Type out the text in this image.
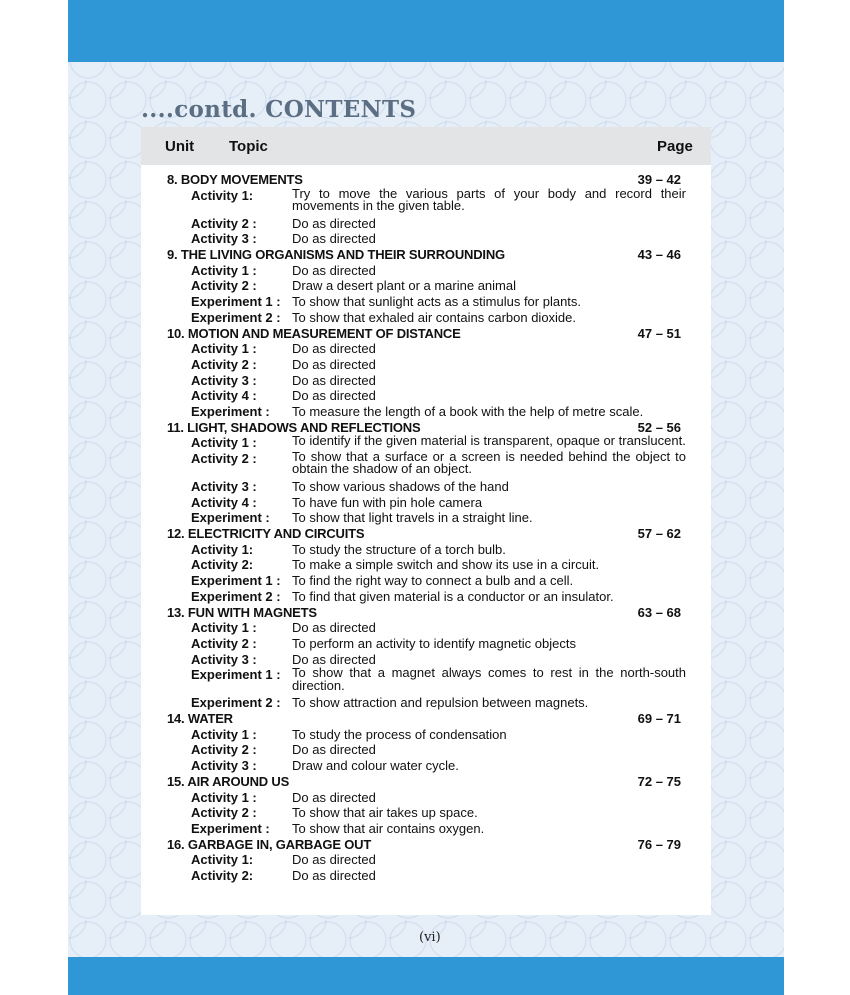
....contd. CONTENTS
Unit Topic	Page
8. BODY MOVEMENTS	39 – 42
Activity 1:	Try to move the various parts of your body and record their movements in the given table.
Activity 2 :	Do as directed
Activity 3 :	Do as directed
9. THE LIVING ORGANISMS AND THEIR SURROUNDING	43 – 46
Activity 1 :	Do as directed
Activity 2 :	Draw a desert plant or a marine animal
Experiment 1 : To show that sunlight acts as a stimulus for plants.
Experiment 2 : To show that exhaled air contains carbon dioxide.
10. MOTION AND MEASUREMENT OF DISTANCE	47 – 51
Activity 1 :	Do as directed
Activity 2 :	Do as directed
Activity 3 :	Do as directed
Activity 4 :	Do as directed
Experiment : To measure the length of a book with the help of metre scale.
11. LIGHT, SHADOWS AND REFLECTIONS	52 – 56
Activity 1 :	To identify if the given material is transparent, opaque or translucent.
Activity 2 :	To show that a surface or a screen is needed behind the object to obtain the shadow of an object.
Activity 3 :	To show various shadows of the hand
Activity 4 :	To have fun with pin hole camera
Experiment : To show that light travels in a straight line.
12. ELECTRICITY AND CIRCUITS	57 – 62
Activity 1:	To study the structure of a torch bulb.
Activity 2:	To make a simple switch and show its use in a circuit.
Experiment 1 : To find the right way to connect a bulb and a cell.
Experiment 2 : To find that given material is a conductor or an insulator.
13. FUN WITH MAGNETS	63 – 68
Activity 1 :	Do as directed
Activity 2 :	To perform an activity to identify magnetic objects
Activity 3 :	Do as directed
Experiment 1 : To show that a magnet always comes to rest in the north-south direction.
Experiment 2 : To show attraction and repulsion between magnets.
14. WATER	69 – 71
Activity 1 :	To study the process of condensation
Activity 2 :	Do as directed
Activity 3 :	Draw and colour water cycle.
15. AIR AROUND US	72 – 75
Activity 1 :	Do as directed
Activity 2 :	To show that air takes up space.
Experiment : To show that air contains oxygen.
16. GARBAGE IN, GARBAGE OUT	76 – 79
Activity 1:	Do as directed
Activity 2:	Do as directed
(vi)
